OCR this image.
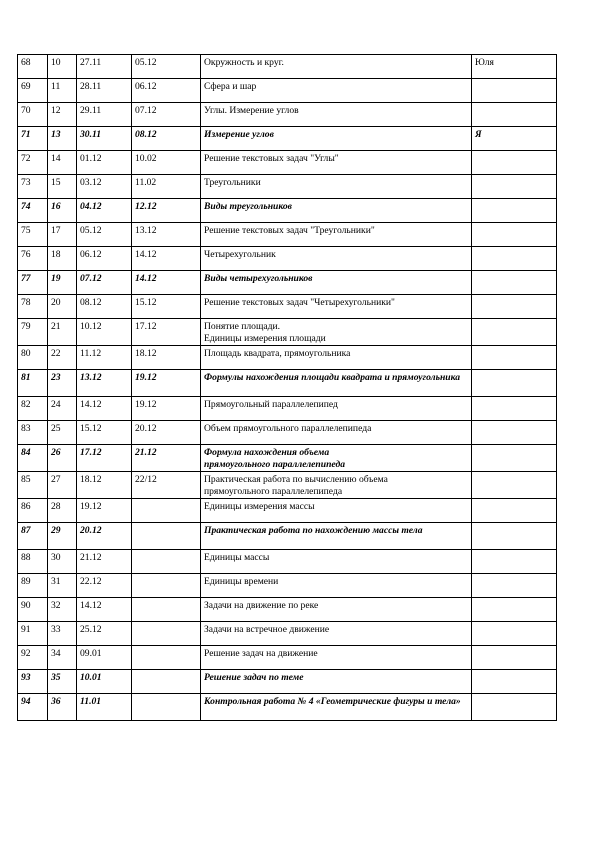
68	10	27.11	05.12	Окружность и круг.	Юля
69	11	28.11	06.12	Сфера и шар	
70	12	29.11	07.12	Углы. Измерение углов	
71	13	30.11	08.12	Измерение углов	Я
72	14	01.12	10.02	Решение текстовых задач "Углы"	
73	15	03.12	11.02	Треугольники	
74	16	04.12	12.12	Виды треугольников	
75	17	05.12	13.12	Решение текстовых задач "Треугольники"	
76	18	06.12	14.12	Четырехугольник	
77	19	07.12	14.12	Виды четырехугольников	
78	20	08.12	15.12	Решение текстовых задач "Четырехугольники"	
79	21	10.12	17.12	Понятие площади.
Единицы измерения площади	
80	22	11.12	18.12	Площадь квадрата, прямоугольника	
81	23	13.12	19.12	Формулы нахождения площади квадрата и прямоугольника	
82	24	14.12	19.12	Прямоугольный параллелепипед	
83	25	15.12	20.12	Объем прямоугольного параллелепипеда	
84	26	17.12	21.12	Формула нахождения объема
прямоугольного параллелепипеда	
85	27	18.12	22/12	Практическая работа по вычислению объема
прямоугольного параллелепипеда	
86	28	19.12		Единицы измерения массы	
87	29	20.12		Практическая работа по нахождению массы тела	
88	30	21.12		Единицы массы	
89	31	22.12		Единицы времени	
90	32	14.12		Задачи на движение по реке	
91	33	25.12		Задачи на встречное движение	
92	34	09.01		Решение задач на движение	
93	35	10.01		Решение задач по теме	
94	36	11.01		Контрольная работа № 4 «Геометрические фигуры и тела»	
